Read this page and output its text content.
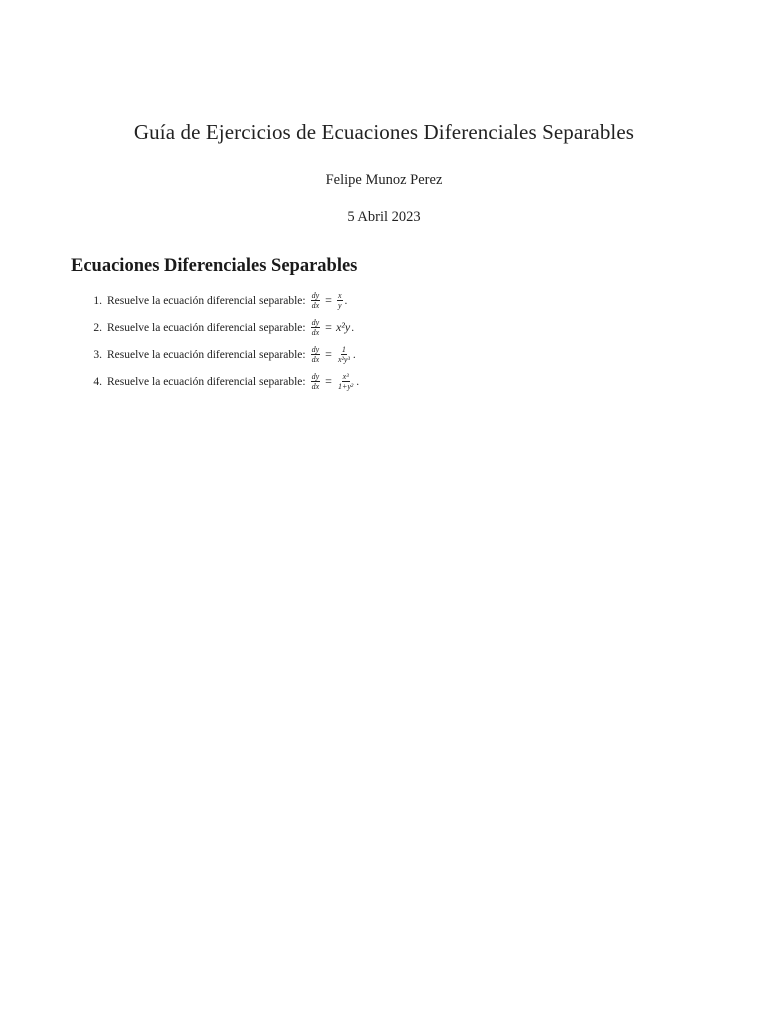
Guía de Ejercicios de Ecuaciones Diferenciales Separables
Felipe Munoz Perez
5 Abril 2023
Ecuaciones Diferenciales Separables
1. Resuelve la ecuación diferencial separable: $\frac{dy}{dx} = \frac{x}{y}$ .
2. Resuelve la ecuación diferencial separable: $\frac{dy}{dx} = x^2y$ .
3. Resuelve la ecuación diferencial separable: $\frac{dy}{dx} = \frac{1}{\text{x²y³}}$ .
4. Resuelve la ecuación diferencial separable: $\frac{dy}{dx} = \frac{\text{x³}}{\text{1+y²}}$ .
